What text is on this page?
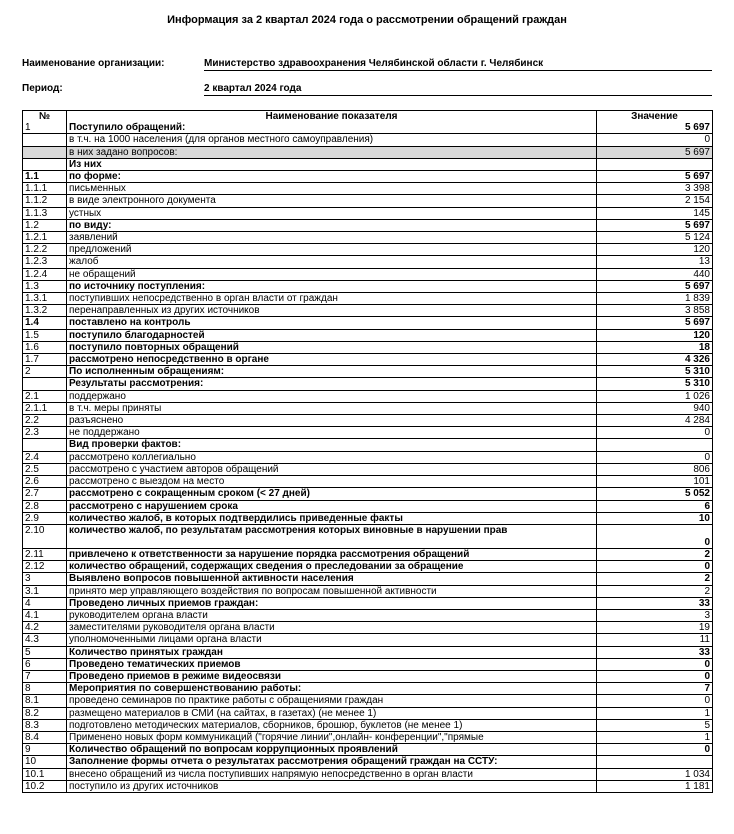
Информация за 2 квартал 2024 года о рассмотрении обращений граждан
Наименование организации:	Министерство здравоохранения Челябинской области г. Челябинск
Период:	2 квартал 2024 года
№	Наименование показателя	Значение
1	Поступило обращений:	5 697
	в т.ч. на 1000 населения (для органов местного самоуправления)	0
	в них задано вопросов:	5 697
	Из них	
1.1	по форме:	5 697
1.1.1	письменных	3 398
1.1.2	в виде электронного документа	2 154
1.1.3	устных	145
1.2	по виду:	5 697
1.2.1	заявлений	5 124
1.2.2	предложений	120
1.2.3	жалоб	13
1.2.4	не обращений	440
1.3	по источнику поступления:	5 697
1.3.1	поступивших непосредственно в орган власти от граждан	1 839
1.3.2	перенаправленных из других источников	3 858
1.4	поставлено на контроль	5 697
1.5	поступило благодарностей	120
1.6	поступило повторных обращений	18
1.7	рассмотрено непосредственно в органе	4 326
2	По исполненным обращениям:	5 310
	Результаты рассмотрения:	5 310
2.1	поддержано	1 026
2.1.1	в т.ч. меры приняты	940
2.2	разъяснено	4 284
2.3	не поддержано	0
	Вид проверки фактов:	
2.4	рассмотрено коллегиально	0
2.5	рассмотрено с участием авторов обращений	806
2.6	рассмотрено с выездом на место	101
2.7	рассмотрено с сокращенным сроком (< 27 дней)	5 052
2.8	рассмотрено с нарушением срока	6
2.9	количество жалоб, в которых подтвердились приведенные факты	10
2.10	количество жалоб, по результатам рассмотрения которых виновные в нарушении прав	0
2.11	привлечено к ответственности за нарушение порядка рассмотрения обращений	2
2.12	количество обращений, содержащих сведения о преследовании за обращение	0
3	Выявлено вопросов повышенной активности населения	2
3.1	принято мер управляющего воздействия по вопросам повышенной активности	2
4	Проведено личных приемов граждан:	33
4.1	руководителем органа власти	3
4.2	заместителями руководителя органа власти	19
4.3	уполномоченными лицами органа власти	11
5	Количество принятых граждан	33
6	Проведено тематических приемов	0
7	Проведено приемов в режиме видеосвязи	0
8	Мероприятия по совершенствованию работы:	7
8.1	проведено семинаров по практике работы с обращениями граждан	0
8.2	размещено материалов в СМИ (на сайтах, в газетах) (не менее 1)	1
8.3	подготовлено методических материалов, сборников, брошюр, буклетов (не менее 1)	5
8.4	Применено новых форм коммуникаций ("горячие линии",онлайн- конференции","прямые	1
9	Количество обращений по вопросам коррупционных проявлений	0
10	Заполнение формы отчета о результатах рассмотрения обращений граждан на ССТУ:	
10.1	внесено обращений из числа поступивших напрямую непосредственно в орган власти	1 034
10.2	поступило из других источников	1 181
